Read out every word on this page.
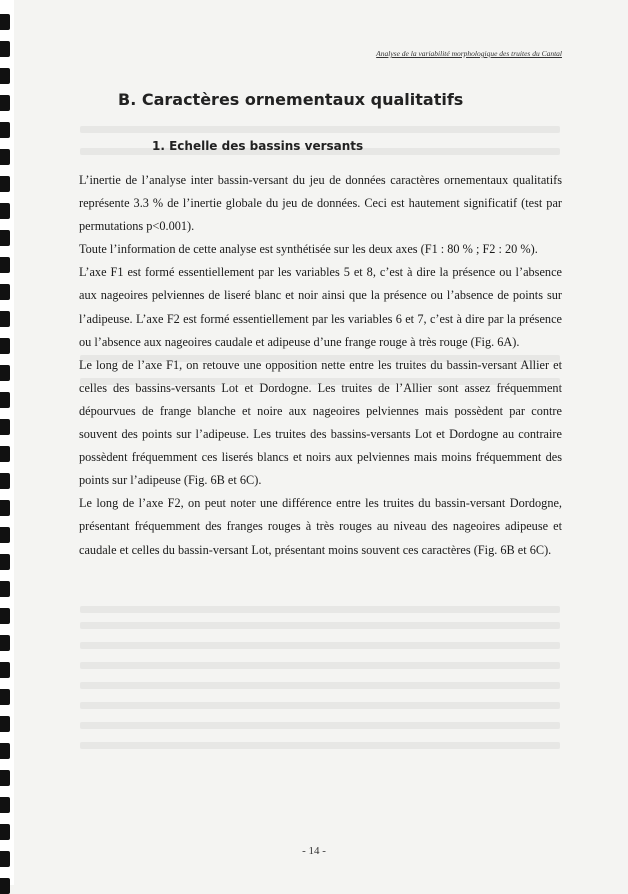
Analyse de la variabilité morphologique des truites du Cantal
B. Caractères ornementaux qualitatifs
1. Echelle des bassins versants

L’inertie de l’analyse inter bassin-versant du jeu de données caractères ornementaux qualitatifs représente 3.3 % de l’inertie globale du jeu de données. Ceci est hautement significatif (test par permutations p<0.001).

Toute l’information de cette analyse est synthétisée sur les deux axes (F1 : 80 % ; F2 : 20 %).

L’axe F1 est formé essentiellement par les variables 5 et 8, c’est à dire la présence ou l’absence aux nageoires pelviennes de liseré blanc et noir ainsi que la présence ou l’absence de points sur l’adipeuse. L’axe F2 est formé essentiellement par les variables 6 et 7, c’est à dire par la présence ou l’absence aux nageoires caudale et adipeuse d’une frange rouge à très rouge (Fig. 6A).

Le long de l’axe F1, on retouve une opposition nette entre les truites du bassin-versant Allier et celles des bassins-versants Lot et Dordogne. Les truites de l’Allier sont assez fréquemment dépourvues de frange blanche et noire aux nageoires pelviennes mais possèdent par contre souvent des points sur l’adipeuse. Les truites des bassins-versants Lot et Dordogne au contraire possèdent fréquemment ces liserés blancs et noirs aux pelviennes mais moins fréquemment des points sur l’adipeuse (Fig. 6B et 6C).

Le long de l’axe F2, on peut noter une différence entre les truites du bassin-versant Dordogne, présentant fréquemment des franges rouges à très rouges au niveau des nageoires adipeuse et caudale et celles du bassin-versant Lot, présentant moins souvent ces caractères (Fig. 6B et 6C).

- 14 -
